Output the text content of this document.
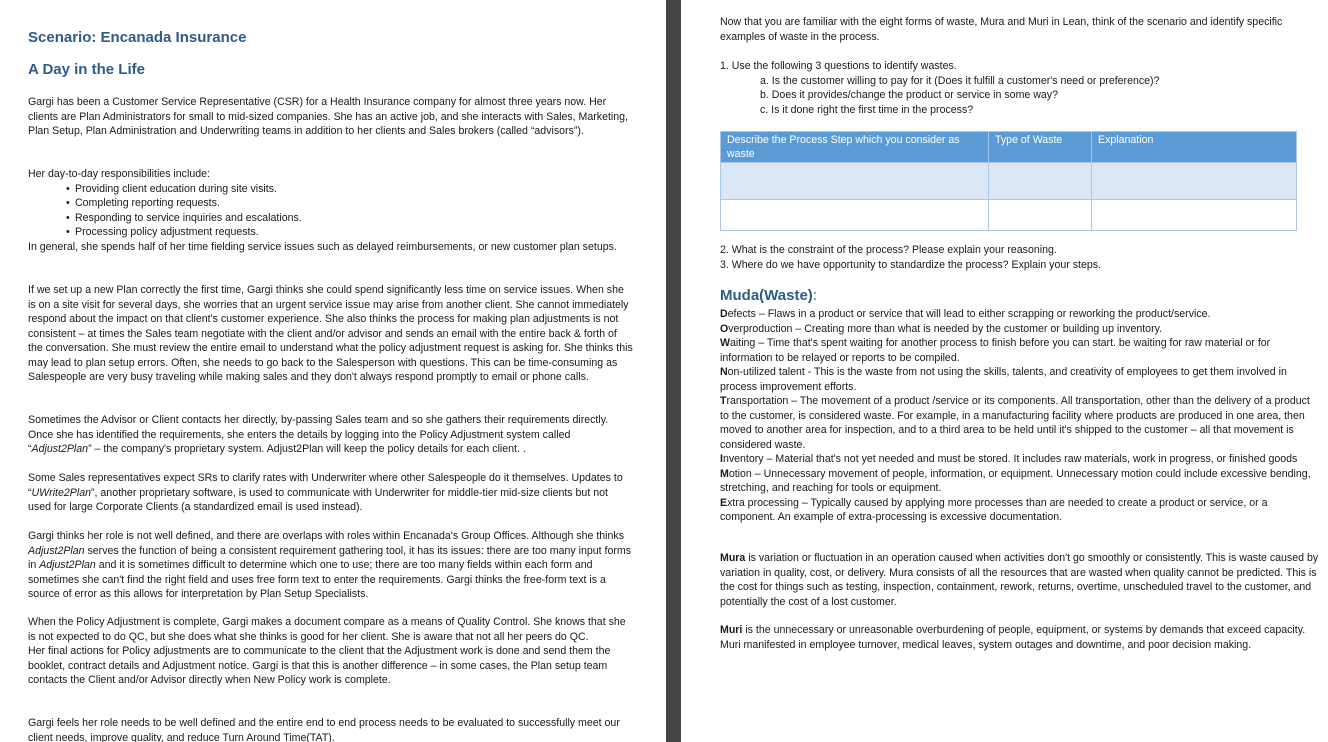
Scenario: Encanada Insurance
A Day in the Life

Gargi has been a Customer Service Representative (CSR) for a Health Insurance company for almost three years now. Her clients are Plan Administrators for small to mid-sized companies. She has an active job, and she interacts with Sales, Marketing, Plan Setup, Plan Administration and Underwriting teams in addition to her clients and Sales brokers (called “advisors”).

Her day-to-day responsibilities include:

• Providing client education during site visits.
• Completing reporting requests.
• Responding to service inquiries and escalations.
• Processing policy adjustment requests.

In general, she spends half of her time fielding service issues such as delayed reimbursements, or new customer plan setups.

If we set up a new Plan correctly the first time, Gargi thinks she could spend significantly less time on service issues. When she is on a site visit for several days, she worries that an urgent service issue may arise from another client. She cannot immediately respond about the impact on that client's customer experience. She also thinks the process for making plan adjustments is not consistent – at times the Sales team negotiate with the client and/or advisor and sends an email with the entire back & forth of the conversation. She must review the entire email to understand what the policy adjustment request is asking for. She thinks this may lead to plan setup errors. Often, she needs to go back to the Salesperson with questions. This can be time-consuming as Salespeople are very busy traveling while making sales and they don't always respond promptly to email or phone calls.

Sometimes the Advisor or Client contacts her directly, by-passing Sales team and so she gathers their requirements directly. Once she has identified the requirements, she enters the details by logging into the Policy Adjustment system called “Adjust2Plan” – the company's proprietary system. Adjust2Plan will keep the policy details for each client. .

Some Sales representatives expect SRs to clarify rates with Underwriter where other Salespeople do it themselves. Updates to “UWrite2Plan”, another proprietary software, is used to communicate with Underwriter for middle-tier mid-size clients but not used for large Corporate Clients (a standardized email is used instead).

Gargi thinks her role is not well defined, and there are overlaps with roles within Encanada's Group Offices. Although she thinks Adjust2Plan serves the function of being a consistent requirement gathering tool, it has its issues: there are too many input forms in Adjust2Plan and it is sometimes difficult to determine which one to use; there are too many fields within each form and sometimes she can't find the right field and uses free form text to enter the requirements. Gargi thinks the free-form text is a source of error as this allows for interpretation by Plan Setup Specialists.

When the Policy Adjustment is complete, Gargi makes a document compare as a means of Quality Control. She knows that she is not expected to do QC, but she does what she thinks is good for her client. She is aware that not all her peers do QC.

Her final actions for Policy adjustments are to communicate to the client that the Adjustment work is done and send them the booklet, contract details and Adjustment notice. Gargi is that this is another difference – in some cases, the Plan setup team contacts the Client and/or Advisor directly when New Policy work is complete.

Gargi feels her role needs to be well defined and the entire end to end process needs to be evaluated to successfully meet our client needs, improve quality, and reduce Turn Around Time(TAT).

Now that you are familiar with the eight forms of waste, Mura and Muri in Lean, think of the scenario and identify specific examples of waste in the process.

1. Use the following 3 questions to identify wastes.

a. Is the customer willing to pay for it (Does it fulfill a customer's need or preference)?
b. Does it provides/change the product or service in some way?
c. Is it done right the first time in the process?
Describe the Process Step which you consider as waste	Type of Waste	Explanation

2. What is the constraint of the process? Please explain your reasoning.

3. Where do we have opportunity to standardize the process? Explain your steps.

Muda(Waste):

Defects – Flaws in a product or service that will lead to either scrapping or reworking the product/service.

Overproduction – Creating more than what is needed by the customer or building up inventory.

Waiting – Time that's spent waiting for another process to finish before you can start. be waiting for raw material or for information to be relayed or reports to be compiled.

Non-utilized talent - This is the waste from not using the skills, talents, and creativity of employees to get them involved in process improvement efforts.

Transportation – The movement of a product /service or its components. All transportation, other than the delivery of a product to the customer, is considered waste. For example, in a manufacturing facility where products are produced in one area, then moved to another area for inspection, and to a third area to be held until it's shipped to the customer – all that movement is considered waste.

Inventory – Material that's not yet needed and must be stored. It includes raw materials, work in progress, or finished goods

Motion – Unnecessary movement of people, information, or equipment. Unnecessary motion could include excessive bending, stretching, and reaching for tools or equipment.

Extra processing – Typically caused by applying more processes than are needed to create a product or service, or a component. An example of extra-processing is excessive documentation.

Mura is variation or fluctuation in an operation caused when activities don't go smoothly or consistently. This is waste caused by variation in quality, cost, or delivery. Mura consists of all the resources that are wasted when quality cannot be predicted. This is the cost for things such as testing, inspection, containment, rework, returns, overtime, unscheduled travel to the customer, and potentially the cost of a lost customer.

Muri is the unnecessary or unreasonable overburdening of people, equipment, or systems by demands that exceed capacity. Muri manifested in employee turnover, medical leaves, system outages and downtime, and poor decision making.
